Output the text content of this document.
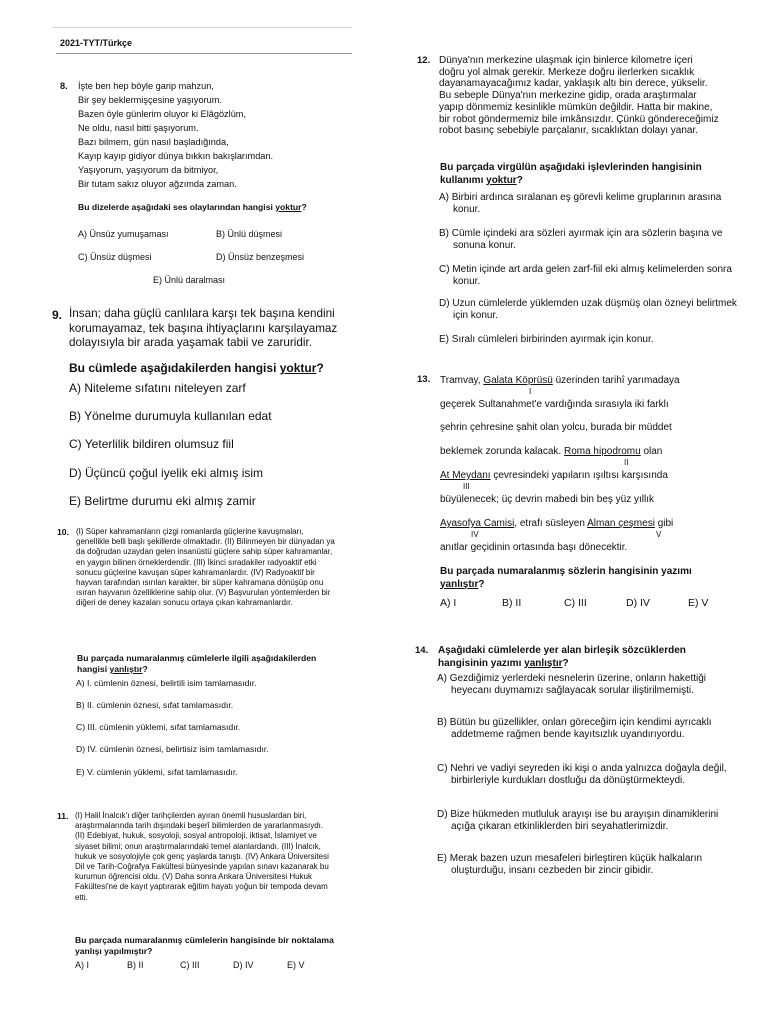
2021-TYT/Türkçe
8. İşte ben hep böyle garip mahzun,
Bir şey beklermişçesine yaşıyorum.
Bazen öyle günlerim oluyor ki Elâgözlüm,
Ne oldu, nasıl bitti şaşıyorum.
Bazı bilmem, gün nasıl başladığında,
Kayıp kayıp gidiyor dünya bıkkın bakışlarımdan.
Yaşıyorum, yaşıyorum da bitmiyor,
Bir tutam sakız oluyor ağzımda zaman.
Bu dizelerde aşağıdaki ses olaylarından hangisi yoktur?
A) Ünsüz yumuşaması	B) Ünlü düşmesi
C) Ünsüz düşmesi	D) Ünsüz benzeşmesi
E) Ünlü daralması
9. İnsan; daha güçlü canlılara karşı tek başına kendini korumayamaz, tek başına ihtiyaçlarını karşılayamaz dolayısıyla bir arada yaşamak tabii ve zaruridir.
Bu cümlede aşağıdakilerden hangisi yoktur?
A) Niteleme sıfatını niteleyen zarf
B) Yönelme durumuyla kullanılan edat
C) Yeterlilik bildiren olumsuz fiil
D) Üçüncü çoğul iyelik eki almış isim
E) Belirtme durumu eki almış zamir
10. (I) Süper kahramanların çizgi romanlarda güçlerine kavuşmaları, genellikle belli başlı şekillerde olmaktadır. (II) Bilinmeyen bir dünyadan ya da doğrudan uzaydan gelen insanüstü güçlere sahip süper kahramanlar, en yaygın bilinen örneklerdendir. (III) İkinci sıradakiler radyoaktif etki sonucu güçlerine kavuşan süper kahramanlardır. (IV) Radyoaktif bir hayvan tarafından ısırılan karakter, bir süper kahramana dönüşüp onu ısıran hayvanın özelliklerine sahip olur. (V) Başvurulan yöntemlerden bir diğeri de deney kazaları sonucu ortaya çıkan kahramanlardır.
Bu parçada numaralanmış cümlelerle ilgili aşağıdakilerden hangisi yanlıştır?
A) I. cümlenin öznesi, belirtili isim tamlamasıdır.
B) II. cümlenin öznesi, sıfat tamlamasıdır.
C) III. cümlenin yüklemi, sıfat tamlamasıdır.
D) IV. cümlenin öznesi, belirtisiz isim tamlamasıdır.
E) V. cümlenin yüklemi, sıfat tamlamasıdır.
11. (I) Halil İnalcık'ı diğer tarihçilerden ayıran önemli hususlardan biri, araştırmalarında tarih dışındaki beşerî bilimlerden de yararlanmasıydı. (II) Edebiyat, hukuk, sosyoloji, sosyal antropoloji, iktisat, İslamiyet ve siyaset bilimi; onun araştırmalarındaki temel alanlardandı. (III) İnalcık, hukuk ve sosyolojiyle çok genç yaşlarda tanıştı. (IV) Ankara Üniversitesi Dil ve Tarih-Coğrafya Fakültesi bünyesinde yapılan sınavı kazanarak bu kurumun öğrencisi oldu. (V) Daha sonra Ankara Üniversitesi Hukuk Fakültesi'ne de kayıt yaptırarak eğitim hayatı yoğun bir tempoda devam etti.
Bu parçada numaralanmış cümlelerin hangisinde bir noktalama yanlışı yapılmıştır?
A) I	B) II	C) III	D) IV	E) V
12. Dünya'nın merkezine ulaşmak için binlerce kilometre içeri doğru yol almak gerekir. Merkeze doğru ilerlerken sıcaklık dayanamayacağımız kadar, yaklaşık altı bin derece, yükselir. Bu sebeple Dünya'nın merkezine gidip, orada araştırmalar yapıp dönmemiz kesinlikle mümkün değildir. Hatta bir makine, bir robot göndermemiz bile imkânsızdır. Çünkü göndereceğimiz robot basınç sebebiyle parçalanır, sıcaklıktan dolayı yanar.
Bu parçada virgülün aşağıdaki işlevlerinden hangisinin kullanımı yoktur?
A) Birbiri ardınca sıralanan eş görevli kelime gruplarının arasına konur.
B) Cümle içindeki ara sözleri ayırmak için ara sözlerin başına ve sonuna konur.
C) Metin içinde art arda gelen zarf-fiil eki almış kelimelerden sonra konur.
D) Uzun cümlelerde yüklemden uzak düşmüş olan özneyi belirtmek için konur.
E) Sıralı cümleleri birbirinden ayırmak için konur.
13. Tramvay, Galata Köprüsü üzerinden tarihî yarımadaya
I
geçerek Sultanahmet'e vardığında sırasıyla iki farklı
şehrin çehresine şahit olan yolcu, burada bir müddet
beklemek zorunda kalacak. Roma hipodromu olan
II
At Meydanı çevresindeki yapıların ışıltısı karşısında
III
büyülenecek; üç devrin mabedi bin beş yüz yıllık
Ayasofya Camisi, etrafı süsleyen Alman çeşmesi gibi
IV	V
anıtlar geçidinin ortasında başı dönecektir.
Bu parçada numaralanmış sözlerin hangisinin yazımı yanlıştır?
A) I	B) II	C) III	D) IV	E) V
14. Aşağıdaki cümlelerde yer alan birleşik sözcüklerden hangisinin yazımı yanlıştır?
A) Gezdiğimiz yerlerdeki nesnelerin üzerine, onların hakettiği heyecanı duymamızı sağlayacak sorular iliştirilmemişti.
B) Bütün bu güzellikler, onları göreceğim için kendimi ayrıcaklı addetmeme rağmen bende kayıtsızlık uyandırıyordu.
C) Nehri ve vadiyi seyreden iki kişi o anda yalnızca doğayla değil, birbirleriyle kurdukları dostluğu da dönüştürmekteydi.
D) Bize hükmeden mutluluk arayışı ise bu arayışın dinamiklerini açığa çıkaran etkinliklerden biri seyahatlerimizdir.
E) Merak bazen uzun mesafeleri birleştiren küçük halkaların oluşturduğu, insanı cezbeden bir zincir gibidir.
